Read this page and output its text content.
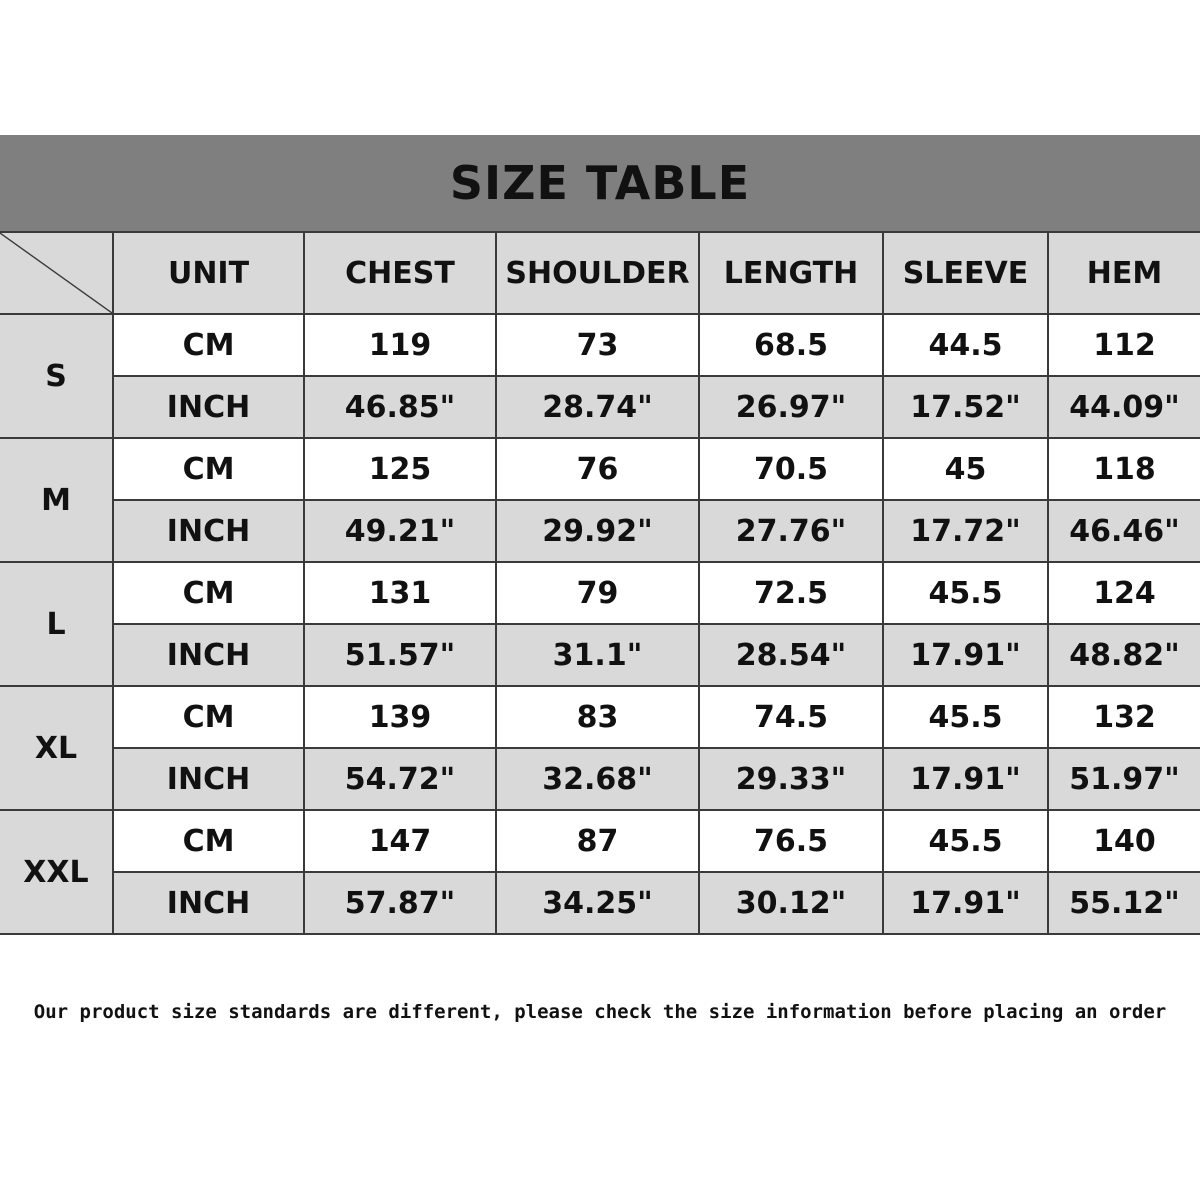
SIZE TABLE
	UNIT	CHEST	SHOULDER	LENGTH	SLEEVE	HEM
S	CM	119	73	68.5	44.5	112
	INCH	46.85"	28.74"	26.97"	17.52"	44.09"
M	CM	125	76	70.5	45	118
	INCH	49.21"	29.92"	27.76"	17.72"	46.46"
L	CM	131	79	72.5	45.5	124
	INCH	51.57"	31.1"	28.54"	17.91"	48.82"
XL	CM	139	83	74.5	45.5	132
	INCH	54.72"	32.68"	29.33"	17.91"	51.97"
XXL	CM	147	87	76.5	45.5	140
	INCH	57.87"	34.25"	30.12"	17.91"	55.12"
Our product size standards are different, please check the size information before placing an order
